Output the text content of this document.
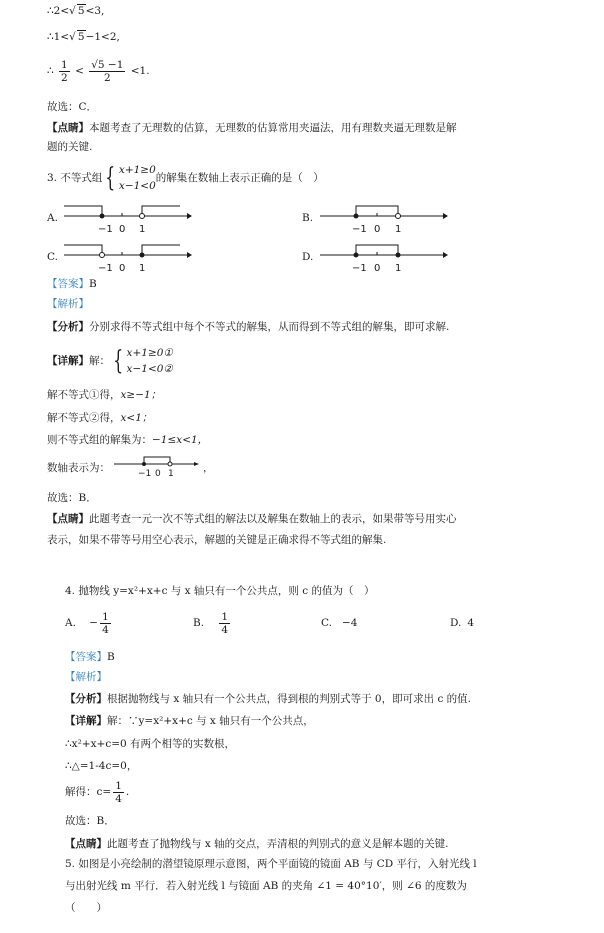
∴2<√ 5<3,
∴1<√ 5−1<2,
∴ $\frac{1}{2} < \frac{√5 -1}{2} <1$.
故选：C．
【点睛】本题考查了无理数的估算，无理数的估算常用夹逼法，用有理数夹逼无理数是解
题的关键.
3. 不等式组 { x+1≥0
x−1<0
的解集在数轴上表示正确的是（　）
A.
−1 0 1
B.
−1 0 1
C.
−1 0 1
D.
−1 0 1
【答案】B
【解析】
【分析】分别求得不等式组中每个不等式的解集，从而得到不等式组的解集，即可求解.
【详解】解： { x+1≥0①
x−1<0②
解不等式①得，x≥−1；
解不等式②得，x<1；
则不等式组的解集为：−1≤x<1，
数轴表示为：	−1 0 1	，
故选：B．
【点睛】此题考查一元一次不等式组的解法以及解集在数轴上的表示，如果带等号用实心
表示，如果不带等号用空心表示，解题的关键是正确求得不等式组的解集.
4. 抛物线 y=x²+x+c 与 x 轴只有一个公共点，则 c 的值为（　）
A. − $\frac{1}{4}$	B. $\frac{1}{4}$	C. −4	D. 4
【答案】B
【解析】
【分析】根据抛物线与 x 轴只有一个公共点，得到根的判别式等于 0，即可求出 c 的值.
【详解】解：∵y=x²+x+c 与 x 轴只有一个公共点，
∴x²+x+c=0 有两个相等的实数根，
∴△=1-4c=0，
解得：$c= \frac{1}{4}$ .
故选：B．
【点睛】此题考查了抛物线与 x 轴的交点，弄清根的判别式的意义是解本题的关键.
5. 如图是小亮绘制的潜望镜原理示意图，两个平面镜的镜面 AB 与 CD 平行，入射光线 l
与出射光线 m 平行．若入射光线 l 与镜面 AB 的夹角 ∠1 = 40°10′，则 ∠6 的度数为
（　　）
